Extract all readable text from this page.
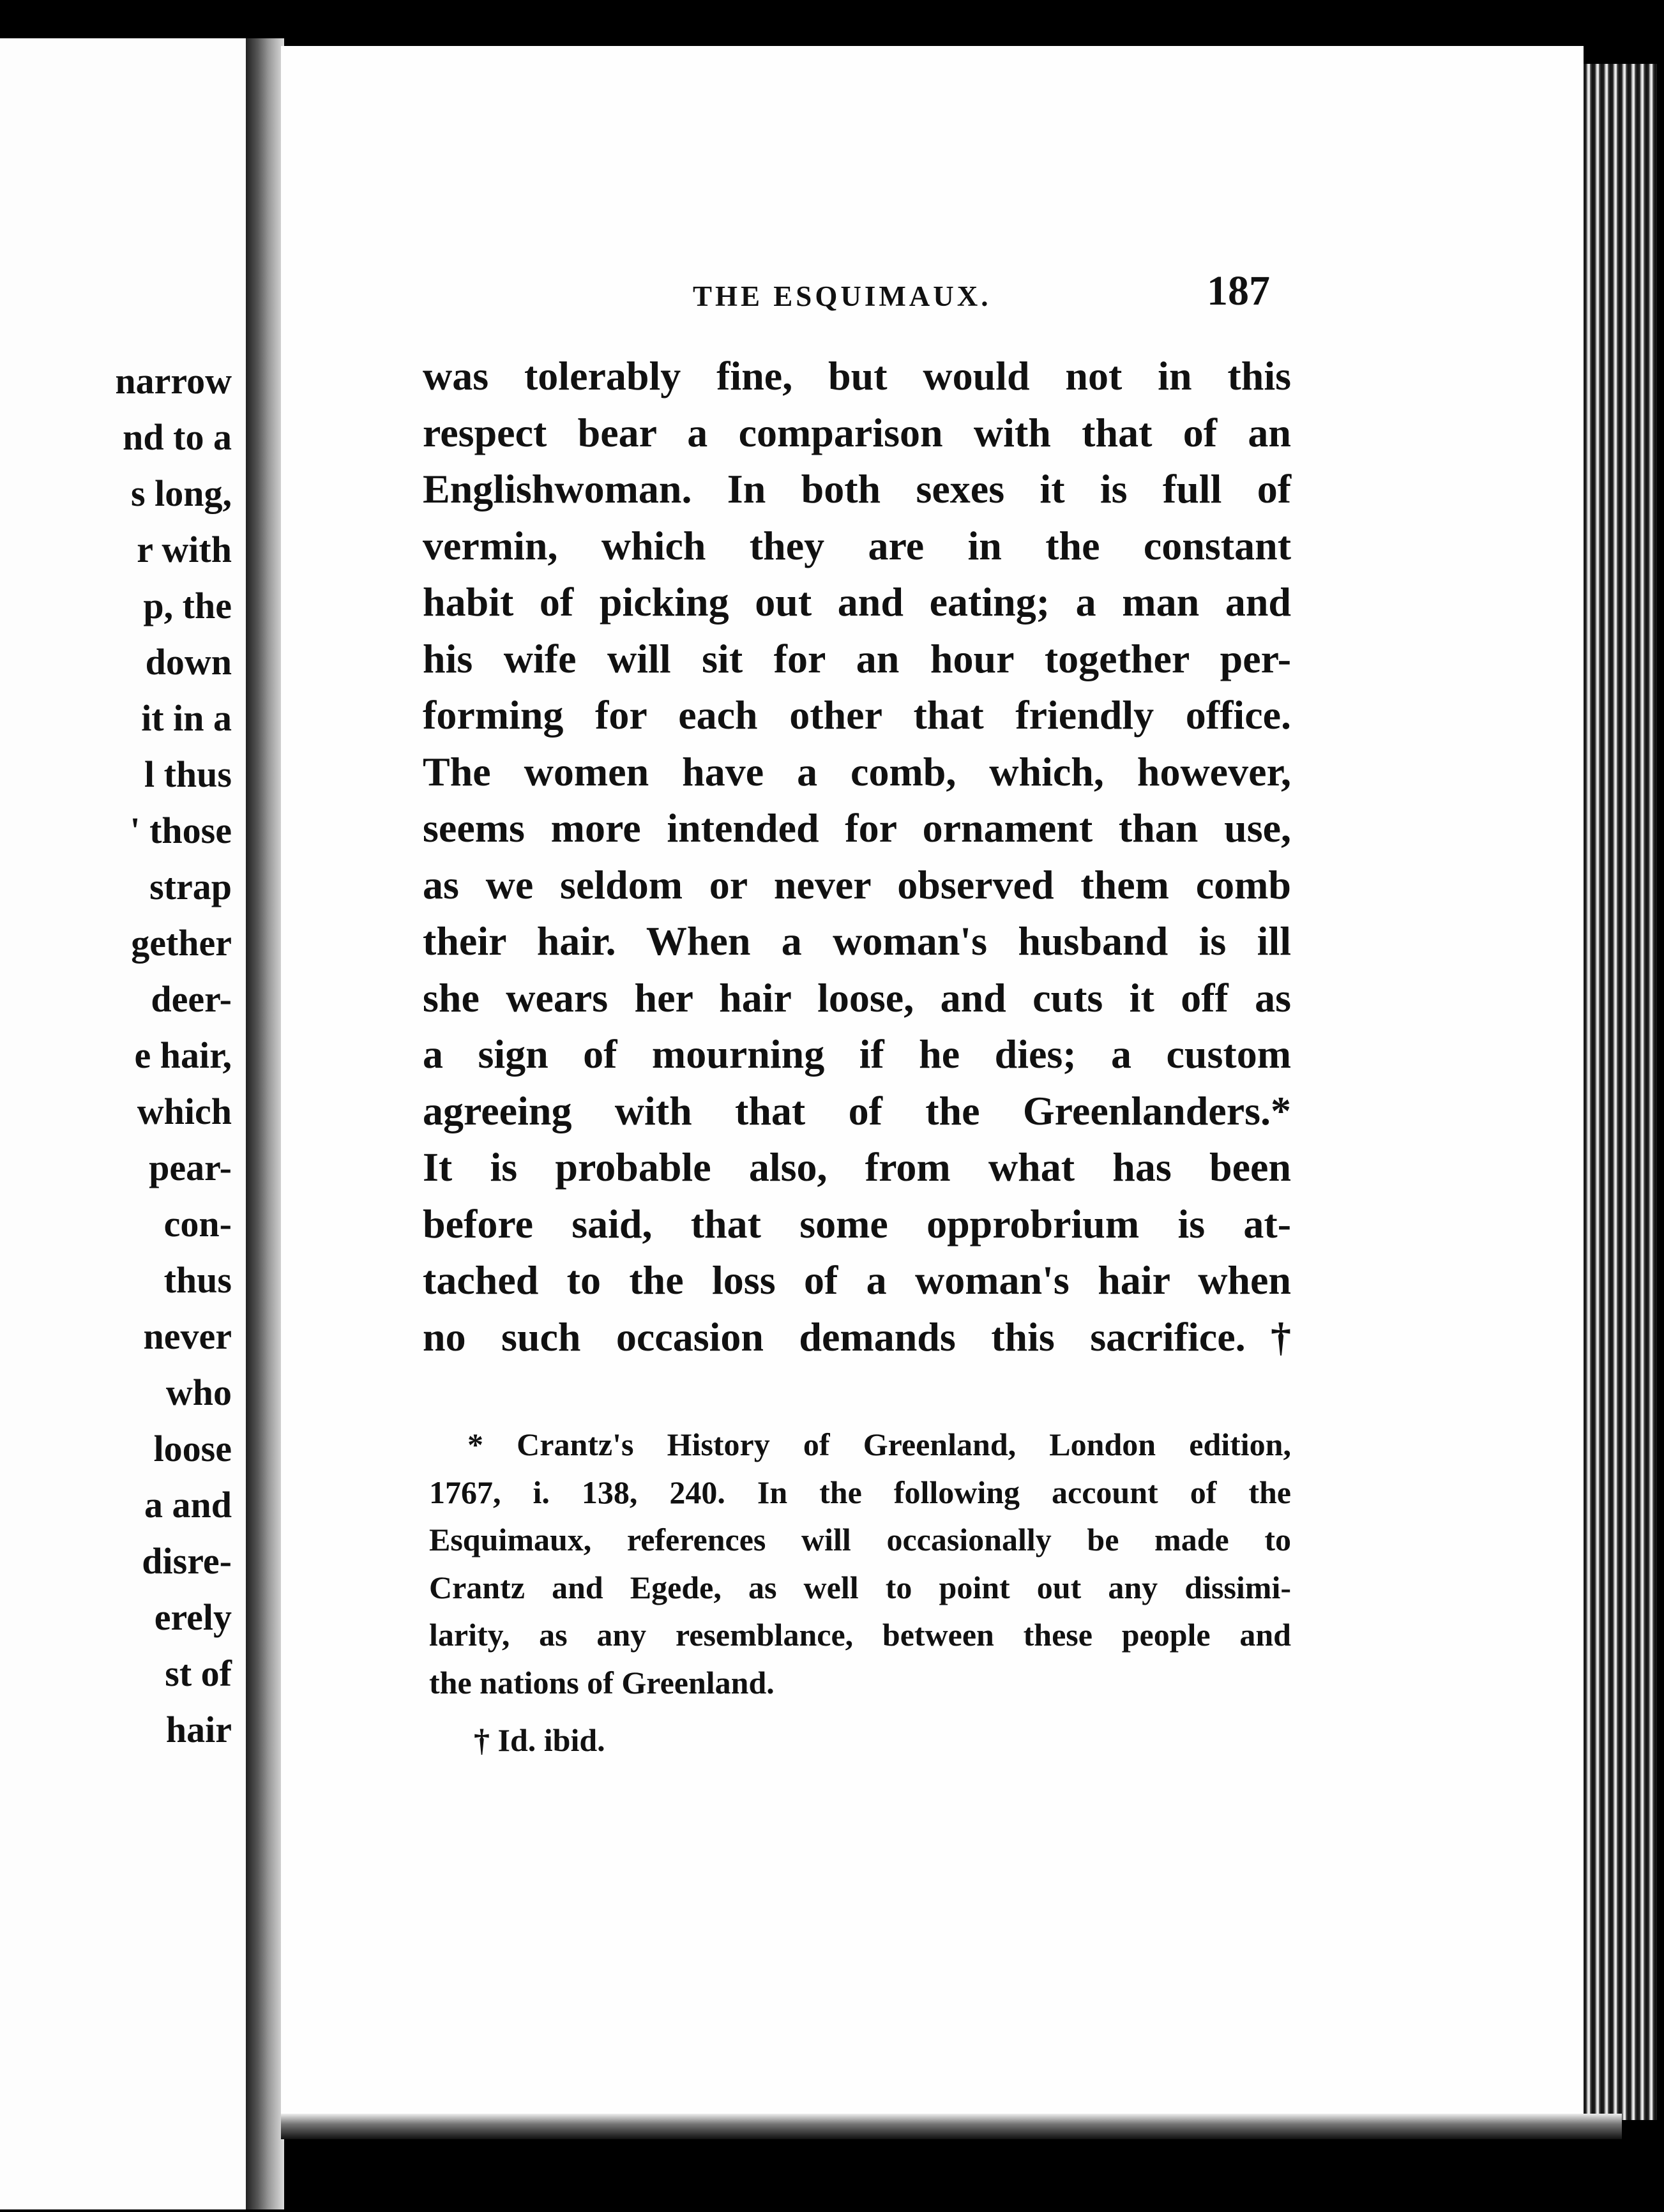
narrow
nd to a
s long,
r with
p, the
down
it in a
l thus
' those
strap
gether
deer-
e hair,
which
pear-
con-
thus
never
who
loose
a and
disre-
erely
st of
hair
THE ESQUIMAUX.	187
was tolerably fine, but would not in this
respect bear a comparison with that of an
Englishwoman. In both sexes it is full of
vermin, which they are in the constant
habit of picking out and eating; a man and
his wife will sit for an hour together per-
forming for each other that friendly office.
The women have a comb, which, however,
seems more intended for ornament than use,
as we seldom or never observed them comb
their hair. When a woman's husband is ill
she wears her hair loose, and cuts it off as
a sign of mourning if he dies; a custom
agreeing with that of the Greenlanders.*
It is probable also, from what has been
before said, that some opprobrium is at-
tached to the loss of a woman's hair when
no such occasion demands this sacrifice.†
* Crantz's History of Greenland, London edition,
1767, i. 138, 240. In the following account of the
Esquimaux, references will occasionally be made to
Crantz and Egede, as well to point out any dissimi-
larity, as any resemblance, between these people and
the nations of Greenland.
† Id. ibid.
